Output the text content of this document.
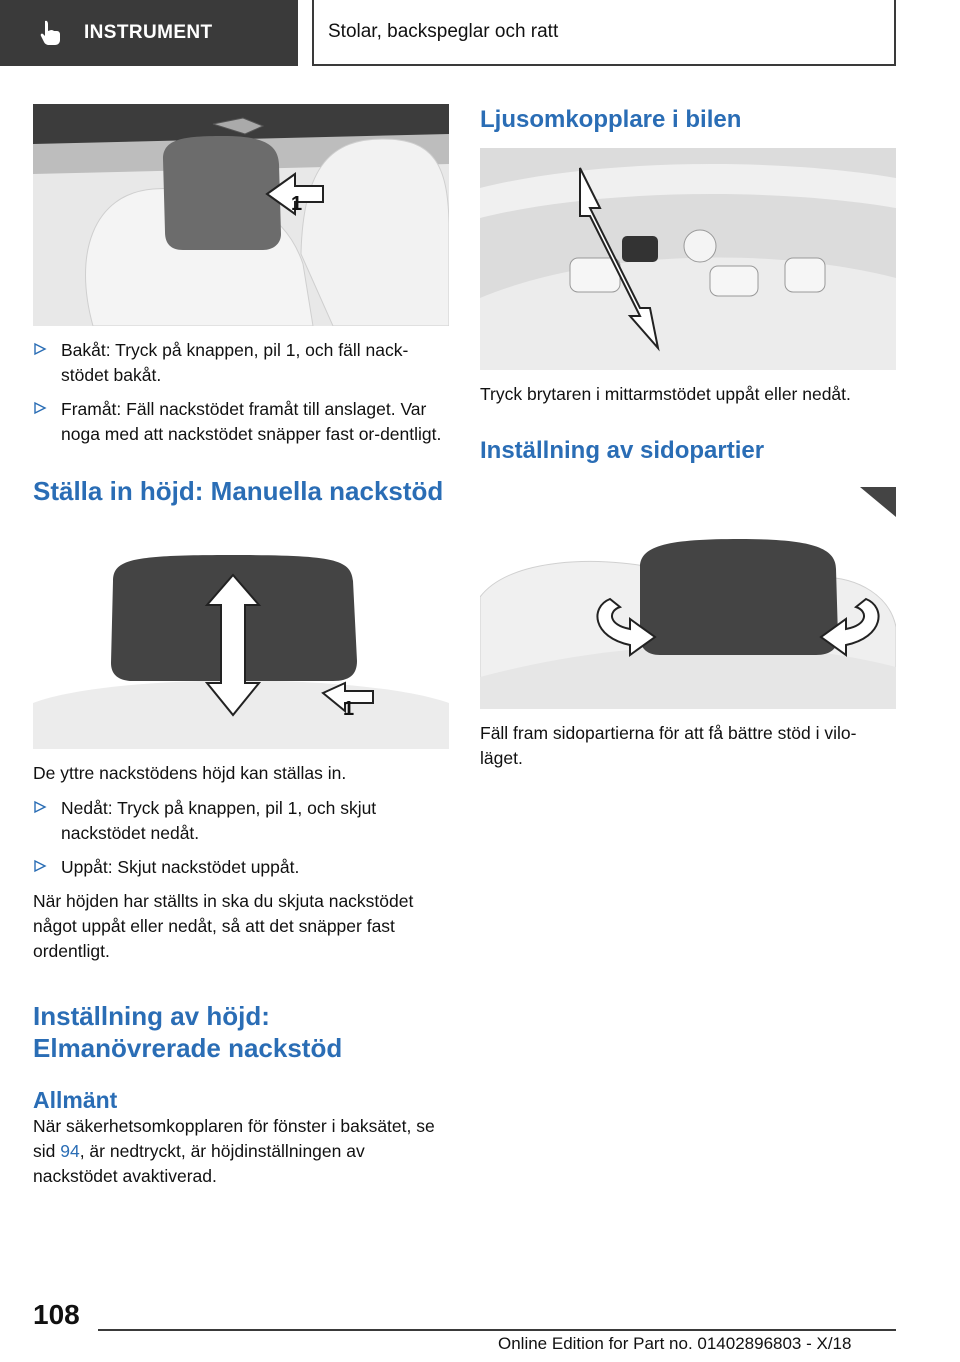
INSTRUMENT	Stolar, backspeglar och ratt
1
Bakåt: Tryck på knappen, pil 1, och fäll nack‐stödet bakåt.
Framåt: Fäll nackstödet framåt till anslaget. Var noga med att nackstödet snäpper fast or‐dentligt.
Ställa in höjd: Manuella nackstöd
1

De yttre nackstödens höjd kan ställas in.

Nedåt: Tryck på knappen, pil 1, och skjut nackstödet nedåt.
Uppåt: Skjut nackstödet uppåt.

När höjden har ställts in ska du skjuta nackstödet något uppåt eller nedåt, så att det snäpper fast ordentligt.

Inställning av höjd:
Elmanövrerade nackstöd
Allmänt

När säkerhetsomkopplaren för fönster i baksätet, se sid 94, är nedtryckt, är höjdinställningen av nackstödet avaktiverad.

Ljusomkopplare i bilen

Tryck brytaren i mittarmstödet uppåt eller nedåt.

Inställning av sidopartier

Fäll fram sidopartierna för att få bättre stöd i vilo‐läget.

108
Online Edition for Part no. 01402896803 - X/18
